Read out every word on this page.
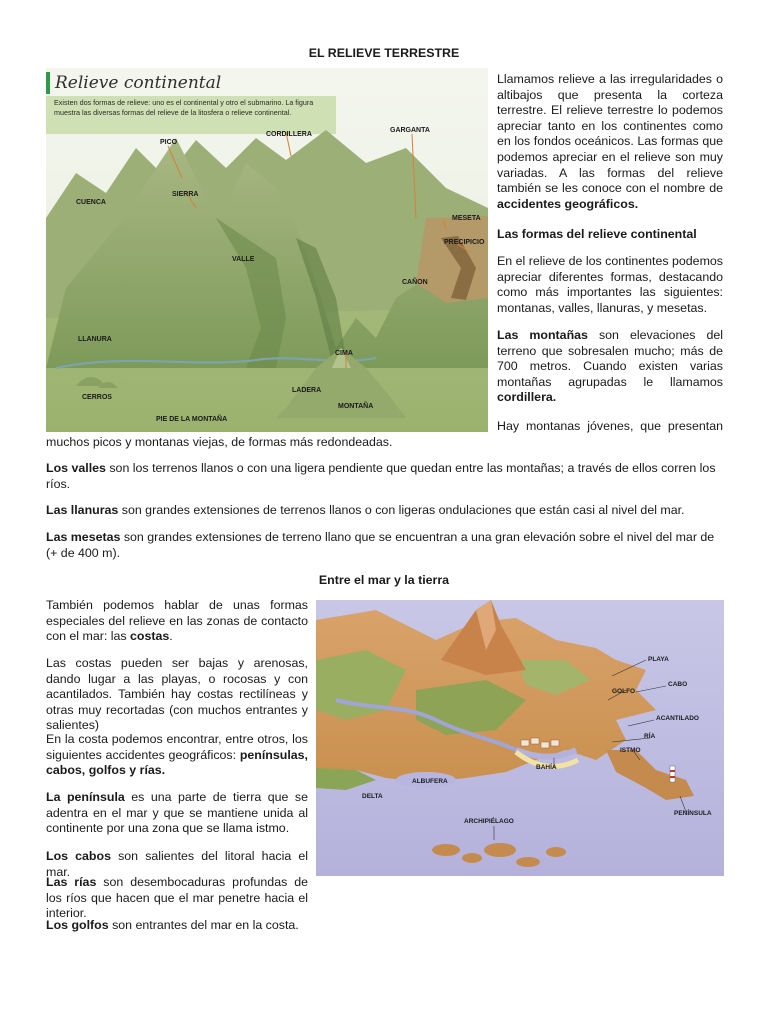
EL RELIEVE TERRESTRE
Relieve continental
Existen dos formas de relieve: uno es el continental y otro el submarino. La figura muestra las diversas formas del relieve de la litosfera o relieve continental.
PICO
CORDILLERA
GARGANTA
CUENCA
SIERRA
MESETA
PRECIPICIO
VALLE
CAÑON
LLANURA
CIMA
LADERA
CERROS
MONTAÑA
PIE DE LA MONTAÑA
Llamamos relieve a las irregularidades o altibajos que presenta la corteza terrestre. El relieve terrestre lo podemos apreciar tanto en los continentes como en los fondos oceánicos. Las formas que podemos apreciar en el relieve son muy variadas. A las formas del relieve también se les conoce con el nombre de accidentes geográficos.
Las formas del relieve continental
En el relieve de los continentes podemos apreciar diferentes formas, destacando como más importantes las siguientes: montanas, valles, llanuras, y mesetas.
Las montañas son elevaciones del terreno que sobresalen mucho; más de 700 metros. Cuando existen varias montañas agrupadas le llamamos cordillera.
Hay montanas jóvenes, que presentan
muchos picos y montanas viejas, de formas más redondeadas.
Los valles son los terrenos llanos o con una ligera pendiente que quedan entre las montañas; a través de ellos corren los ríos.
Las llanuras son grandes extensiones de terrenos llanos o con ligeras ondulaciones que están casi al nivel del mar.
Las mesetas son grandes extensiones de terreno llano que se encuentran a una gran elevación sobre el nivel del mar de (+ de 400 m).
Entre el mar y la tierra
También podemos hablar de unas formas especiales del relieve en las zonas de contacto con el mar: las costas.
Las costas pueden ser bajas y arenosas, dando lugar a las playas, o rocosas y con acantilados. También hay costas rectilíneas y otras muy recortadas (con muchos entrantes y salientes)
En la costa podemos encontrar, entre otros, los siguientes accidentes geográficos: penínsulas, cabos, golfos y rías.
La península es una parte de tierra que se adentra en el mar y que se mantiene unida al continente por una zona que se llama istmo.
Los cabos son salientes del litoral hacia el mar.
Las rías son desembocaduras profundas de los ríos que hacen que el mar penetre hacia el interior.
Los golfos son entrantes del mar en la costa.
PLAYA
CABO
GOLFO
ACANTILADO
RÍA
BAHÍA
ISTMO
ALBUFERA
DELTA
PENÍNSULA
ARCHIPIÉLAGO
